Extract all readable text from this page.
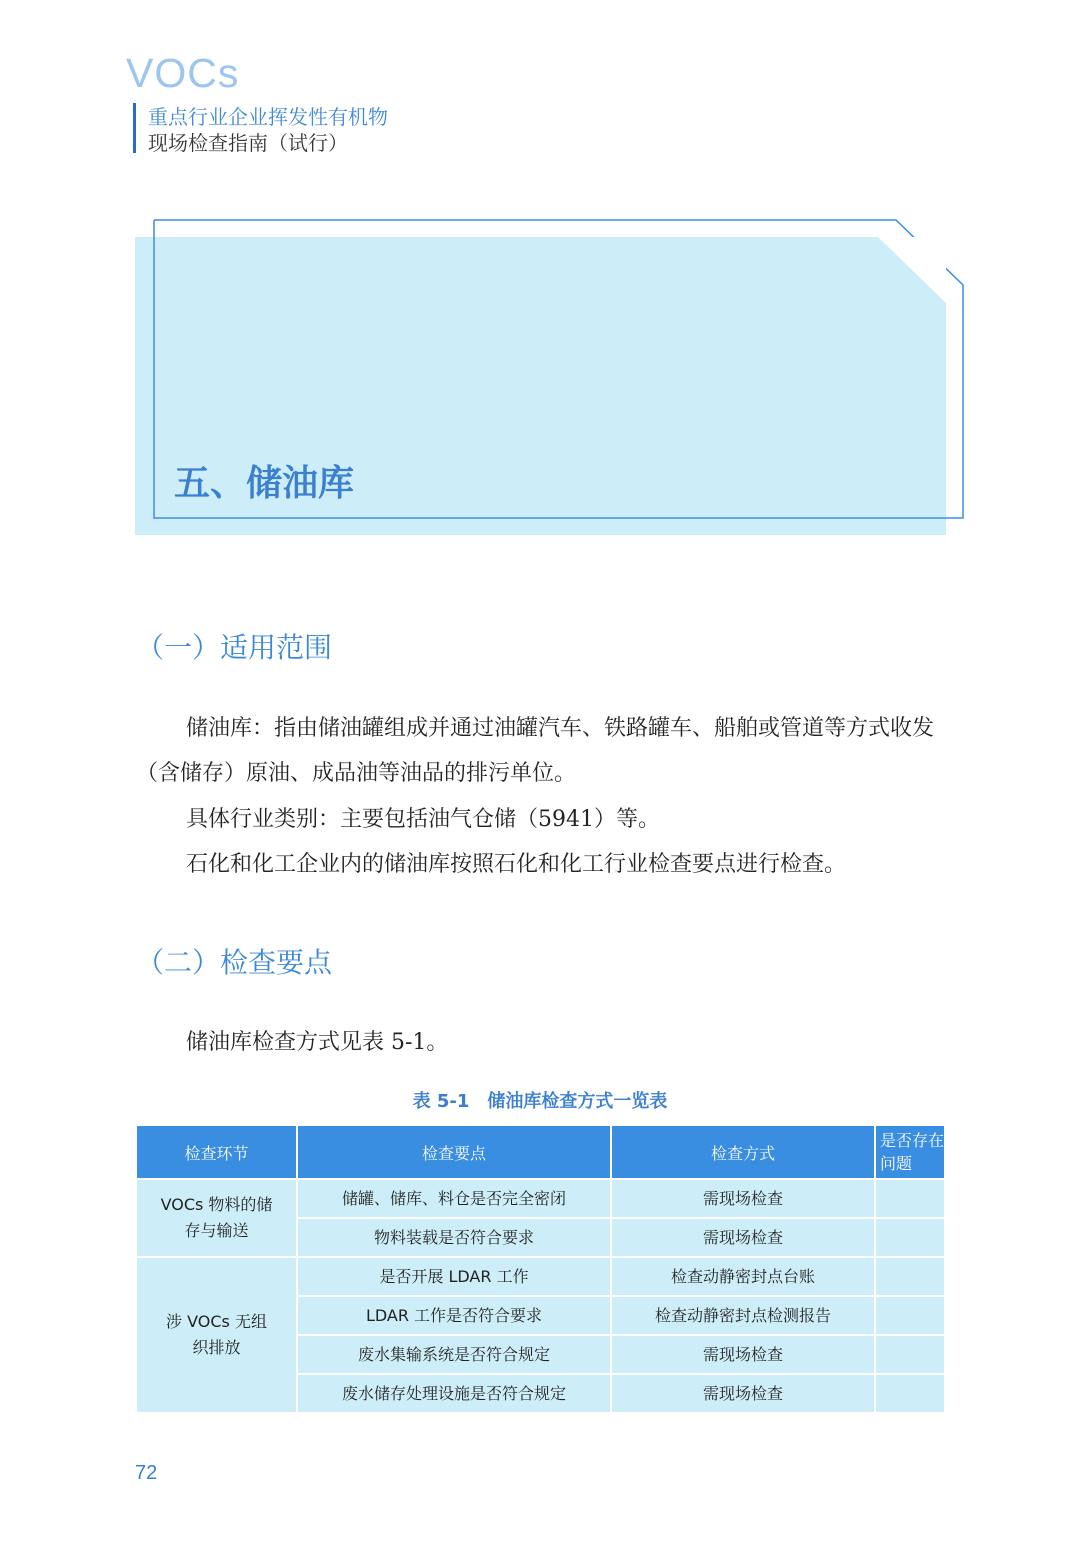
VOCs
重点行业企业挥发性有机物
现场检查指南（试行）
五、储油库
（一）适用范围
储油库：指由储油罐组成并通过油罐汽车、铁路罐车、船舶或管道等方式收发（含储存）原油、成品油等油品的排污单位。
具体行业类别：主要包括油气仓储（5941）等。
石化和化工企业内的储油库按照石化和化工行业检查要点进行检查。
（二）检查要点
储油库检查方式见表 5-1。
表 5-1　储油库检查方式一览表
检查环节	检查要点	检查方式	是否存在问题
VOCs 物料的储存与输送	储罐、储库、料仓是否完全密闭	需现场检查	
	物料装载是否符合要求	需现场检查	
涉 VOCs 无组织排放	是否开展 LDAR 工作	检查动静密封点台账	
	LDAR 工作是否符合要求	检查动静密封点检测报告	
	废水集输系统是否符合规定	需现场检查	
	废水储存处理设施是否符合规定	需现场检查	
72
